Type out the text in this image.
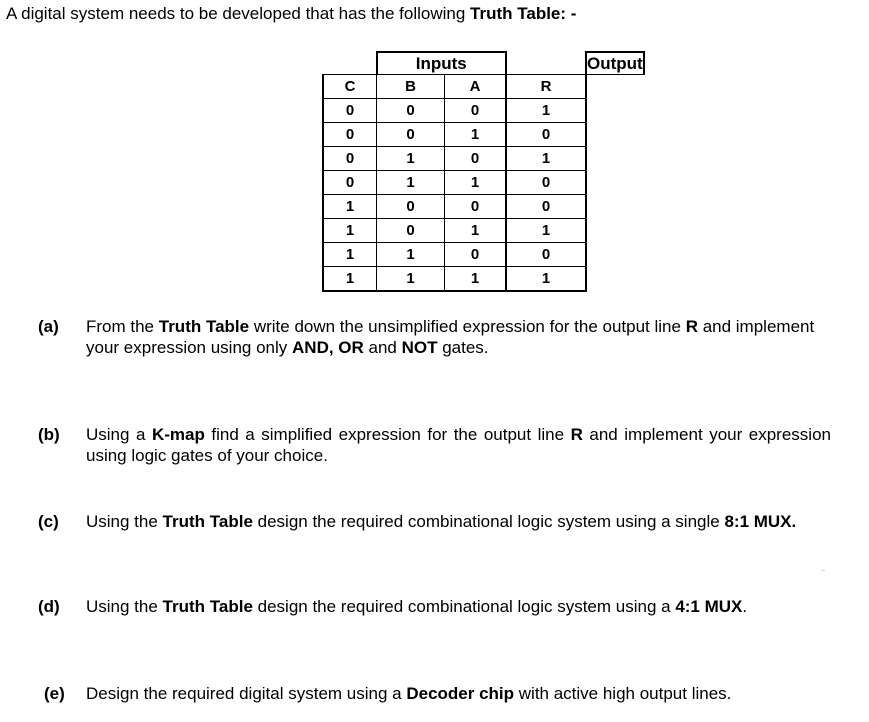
A digital system needs to be developed that has the following Truth Table: -
	Inputs			Output
C	B	A	R	
0	0	0	1	
0	0	1	0	
0	1	0	1	
0	1	1	0	
1	0	0	0	
1	0	1	1	
1	1	0	0	
1	1	1	1	
(a) From the Truth Table write down the unsimplified expression for the output line R and implement your expression using only AND, OR and NOT gates.
(b) Using a K-map find a simplified expression for the output line R and implement your expression using logic gates of your choice.
(c) Using the Truth Table design the required combinational logic system using a single 8:1 MUX.
(d) Using the Truth Table design the required combinational logic system using a 4:1 MUX.
(e) Design the required digital system using a Decoder chip with active high output lines.
